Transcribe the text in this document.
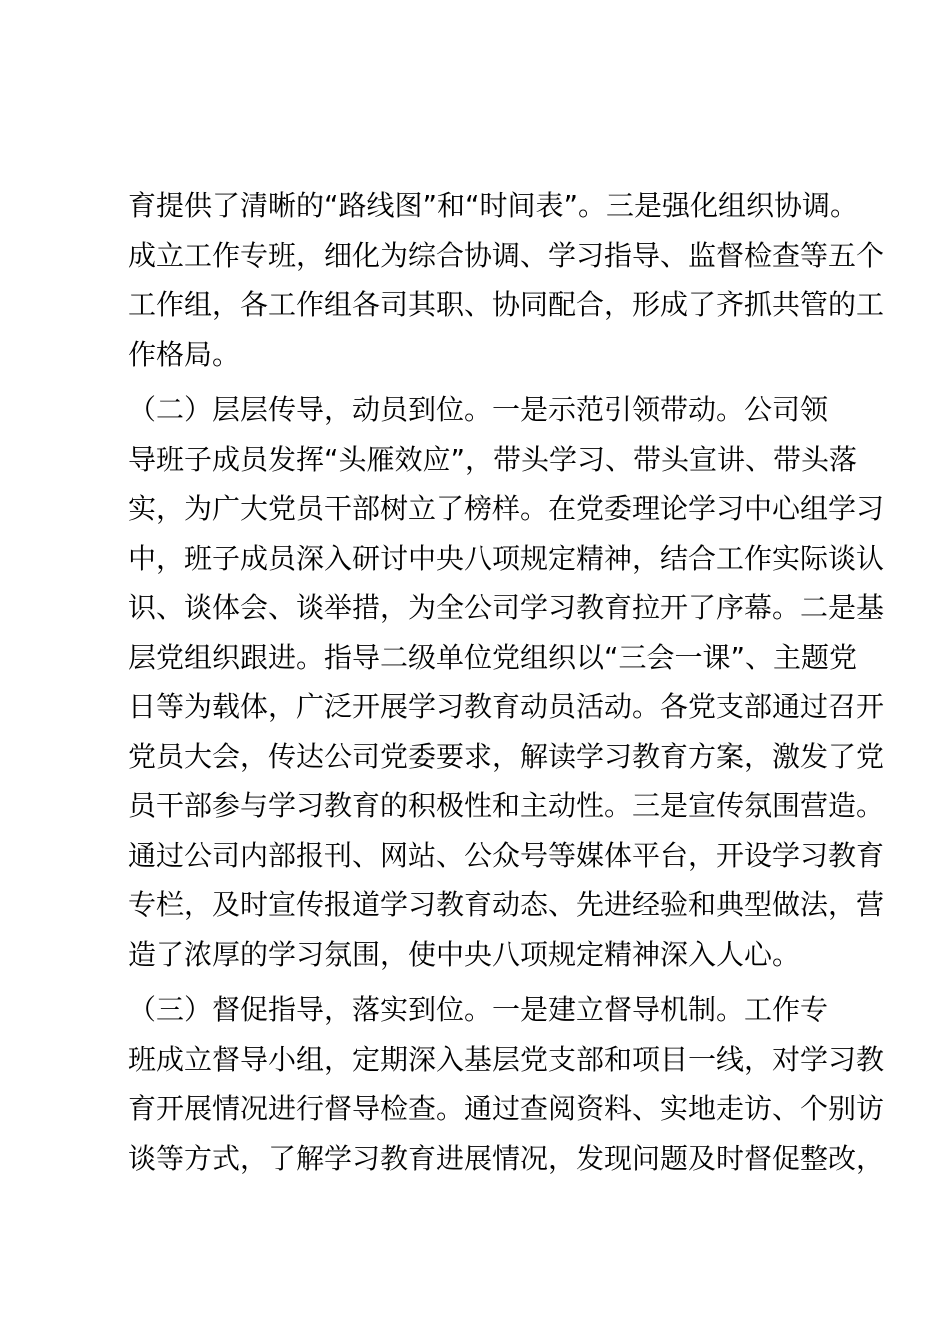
育提供了清晰的“路线图”和“时间表”。三是强化组织协调。
成立工作专班，细化为综合协调、学习指导、监督检查等五个
工作组，各工作组各司其职、协同配合，形成了齐抓共管的工
作格局。
（二）层层传导，动员到位。一是示范引领带动。公司领
导班子成员发挥“头雁效应”，带头学习、带头宣讲、带头落
实，为广大党员干部树立了榜样。在党委理论学习中心组学习
中，班子成员深入研讨中央八项规定精神，结合工作实际谈认
识、谈体会、谈举措，为全公司学习教育拉开了序幕。二是基
层党组织跟进。指导二级单位党组织以“三会一课”、主题党
日等为载体，广泛开展学习教育动员活动。各党支部通过召开
党员大会，传达公司党委要求，解读学习教育方案，激发了党
员干部参与学习教育的积极性和主动性。三是宣传氛围营造。
通过公司内部报刊、网站、公众号等媒体平台，开设学习教育
专栏，及时宣传报道学习教育动态、先进经验和典型做法，营
造了浓厚的学习氛围，使中央八项规定精神深入人心。
（三）督促指导，落实到位。一是建立督导机制。工作专
班成立督导小组，定期深入基层党支部和项目一线，对学习教
育开展情况进行督导检查。通过查阅资料、实地走访、个别访
谈等方式，了解学习教育进展情况，发现问题及时督促整改，
